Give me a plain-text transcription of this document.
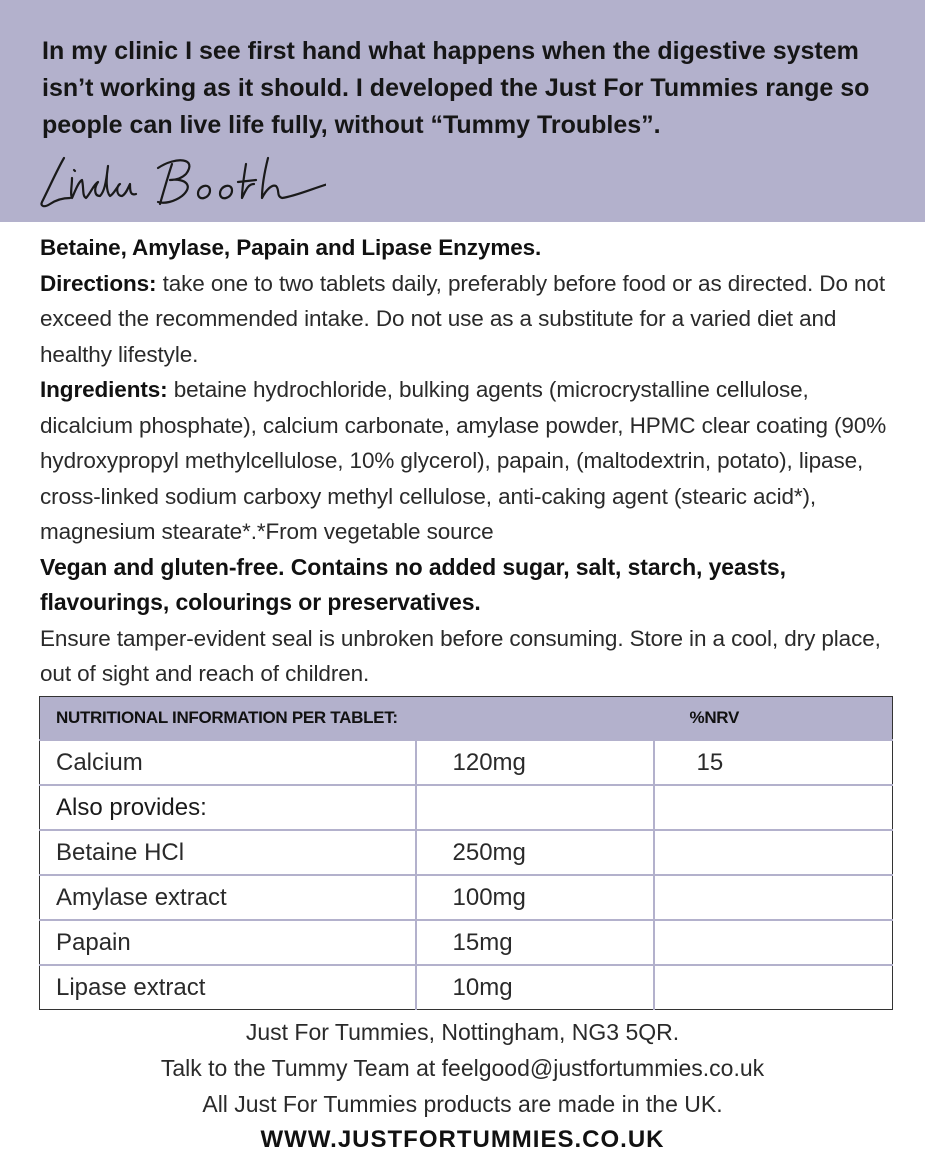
In my clinic I see first hand what happens when the digestive system isn’t working as it should. I developed the Just For Tummies range so people can live life fully, without “Tummy Troubles”.

Betaine, Amylase, Papain and Lipase Enzymes.

Directions: take one to two tablets daily, preferably before food or as directed. Do not exceed the recommended intake. Do not use as a substitute for a varied diet and healthy lifestyle.

Ingredients: betaine hydrochloride, bulking agents (microcrystalline cellulose, dicalcium phosphate), calcium carbonate, amylase powder, HPMC clear coating (90% hydroxypropyl methylcellulose, 10% glycerol), papain, (maltodextrin, potato), lipase, cross-linked sodium carboxy methyl cellulose, anti-caking agent (stearic acid*), magnesium stearate*.*From vegetable source

Vegan and gluten-free. Contains no added sugar, salt, starch, yeasts, flavourings, colourings or preservatives.

Ensure tamper-evident seal is unbroken before consuming. Store in a cool, dry place, out of sight and reach of children.

NUTRITIONAL INFORMATION PER TABLET:		%NRV
Calcium	120mg	15
Also provides:		
Betaine HCl	250mg	
Amylase extract	100mg	
Papain	15mg	
Lipase extract	10mg	
Just For Tummies, Nottingham, NG3 5QR.
Talk to the Tummy Team at feelgood@justfortummies.co.uk
All Just For Tummies products are made in the UK.
WWW.JUSTFORTUMMIES.CO.UK
